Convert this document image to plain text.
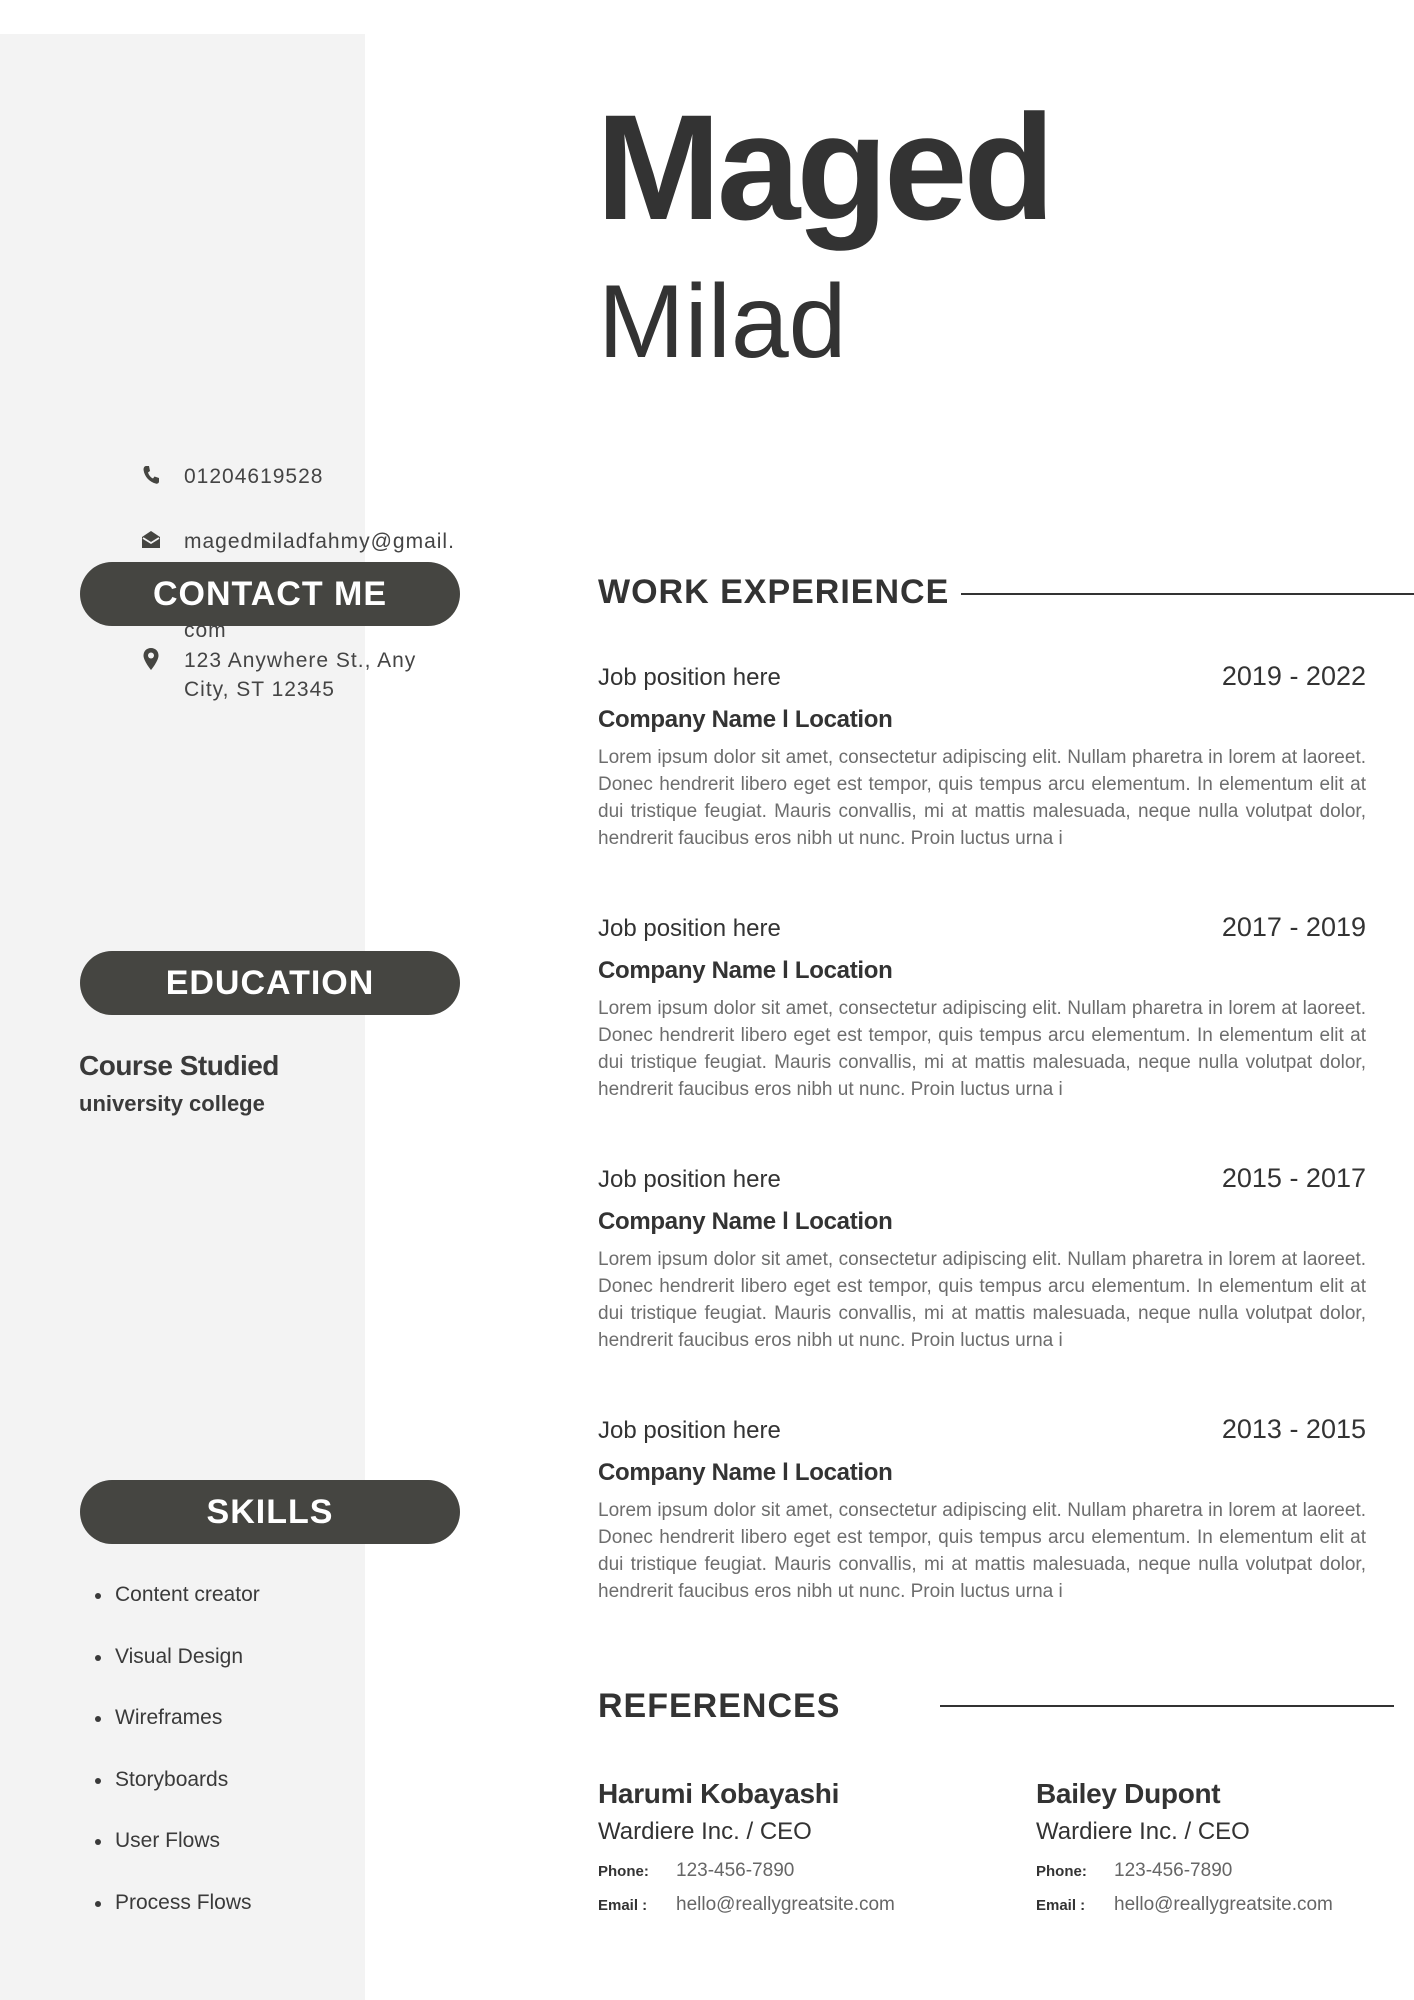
Maged
Milad
01204619528
magedmiladfahmy@gmail.
CONTACT ME
com
123 Anywhere St., Any City, ST 12345
EDUCATION
Course Studied
university college
SKILLS
Content creator
Visual Design
Wireframes
Storyboards
User Flows
Process Flows
WORK EXPERIENCE
Job position here	2019 - 2022
Company Name l Location
Lorem ipsum dolor sit amet, consectetur adipiscing elit. Nullam pharetra in lorem at laoreet. Donec hendrerit libero eget est tempor, quis tempus arcu elementum. In elementum elit at dui tristique feugiat. Mauris convallis, mi at mattis malesuada, neque nulla volutpat dolor, hendrerit faucibus eros nibh ut nunc. Proin luctus urna i
Job position here	2017 - 2019
Company Name l Location
Lorem ipsum dolor sit amet, consectetur adipiscing elit. Nullam pharetra in lorem at laoreet. Donec hendrerit libero eget est tempor, quis tempus arcu elementum. In elementum elit at dui tristique feugiat. Mauris convallis, mi at mattis malesuada, neque nulla volutpat dolor, hendrerit faucibus eros nibh ut nunc. Proin luctus urna i
Job position here	2015 - 2017
Company Name l Location
Lorem ipsum dolor sit amet, consectetur adipiscing elit. Nullam pharetra in lorem at laoreet. Donec hendrerit libero eget est tempor, quis tempus arcu elementum. In elementum elit at dui tristique feugiat. Mauris convallis, mi at mattis malesuada, neque nulla volutpat dolor, hendrerit faucibus eros nibh ut nunc. Proin luctus urna i
Job position here	2013 - 2015
Company Name l Location
Lorem ipsum dolor sit amet, consectetur adipiscing elit. Nullam pharetra in lorem at laoreet. Donec hendrerit libero eget est tempor, quis tempus arcu elementum. In elementum elit at dui tristique feugiat. Mauris convallis, mi at mattis malesuada, neque nulla volutpat dolor, hendrerit faucibus eros nibh ut nunc. Proin luctus urna i
REFERENCES
Harumi Kobayashi
Wardiere Inc. / CEO
Phone:	123-456-7890
Email :	hello@reallygreatsite.com
Bailey Dupont
Wardiere Inc. / CEO
Phone:	123-456-7890
Email :	hello@reallygreatsite.com
